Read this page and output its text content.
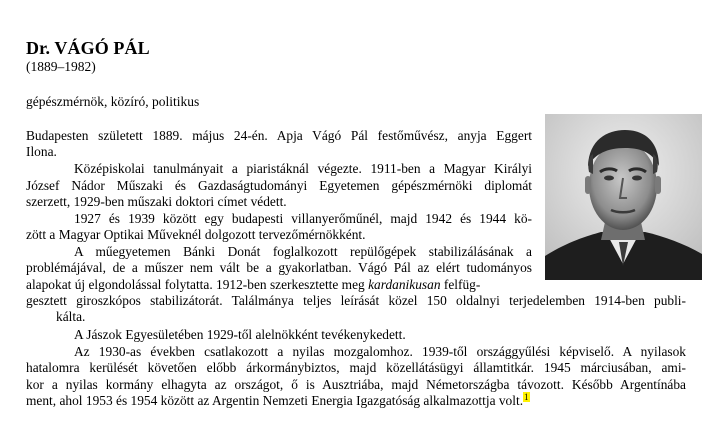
Dr. VÁGÓ PÁL
(1889–1982)
gépészmérnök, közíró, politikus
Budapesten született 1889. május 24-én. Apja Vágó Pál festőművész, anyja Eggert
Ilona.
Középiskolai tanulmányait a piaristáknál végezte. 1911-ben a Magyar Királyi
József Nádor Műszaki és Gazdaságtudományi Egyetemen gépészmérnöki diplomát
szerzett, 1929-ben műszaki doktori címet védett.
1927 és 1939 között egy budapesti villanyerőműnél, majd 1942 és 1944 kö-
zött a Magyar Optikai Műveknél dolgozott tervezőmérnökként.
A műegyetemen Bánki Donát foglalkozott repülőgépek stabilizálásának a
problémájával, de a műszer nem vált be a gyakorlatban. Vágó Pál az elért tudományos
alapokat új elgondolással folytatta. 1912-ben szerkesztette meg kardanikusan felfüg-
gesztett giroszkópos stabilizátorát. Találmánya teljes leírását közel 150 oldalnyi terjedelemben 1914-ben publi-
kálta.
A Jászok Egyesületében 1929-től alelnökként tevékenykedett.
Az 1930-as években csatlakozott a nyilas mozgalomhoz. 1939-től országgyűlési képviselő. A nyilasok
hatalomra kerülését követően előbb árkormánybiztos, majd közellátásügyi államtitkár. 1945 márciusában, ami-
kor a nyilas kormány elhagyta az országot, ő is Ausztriába, majd Németországba távozott. Később Argentínába
ment, ahol 1953 és 1954 között az Argentin Nemzeti Energia Igazgatóság alkalmazottja volt.$^1$
